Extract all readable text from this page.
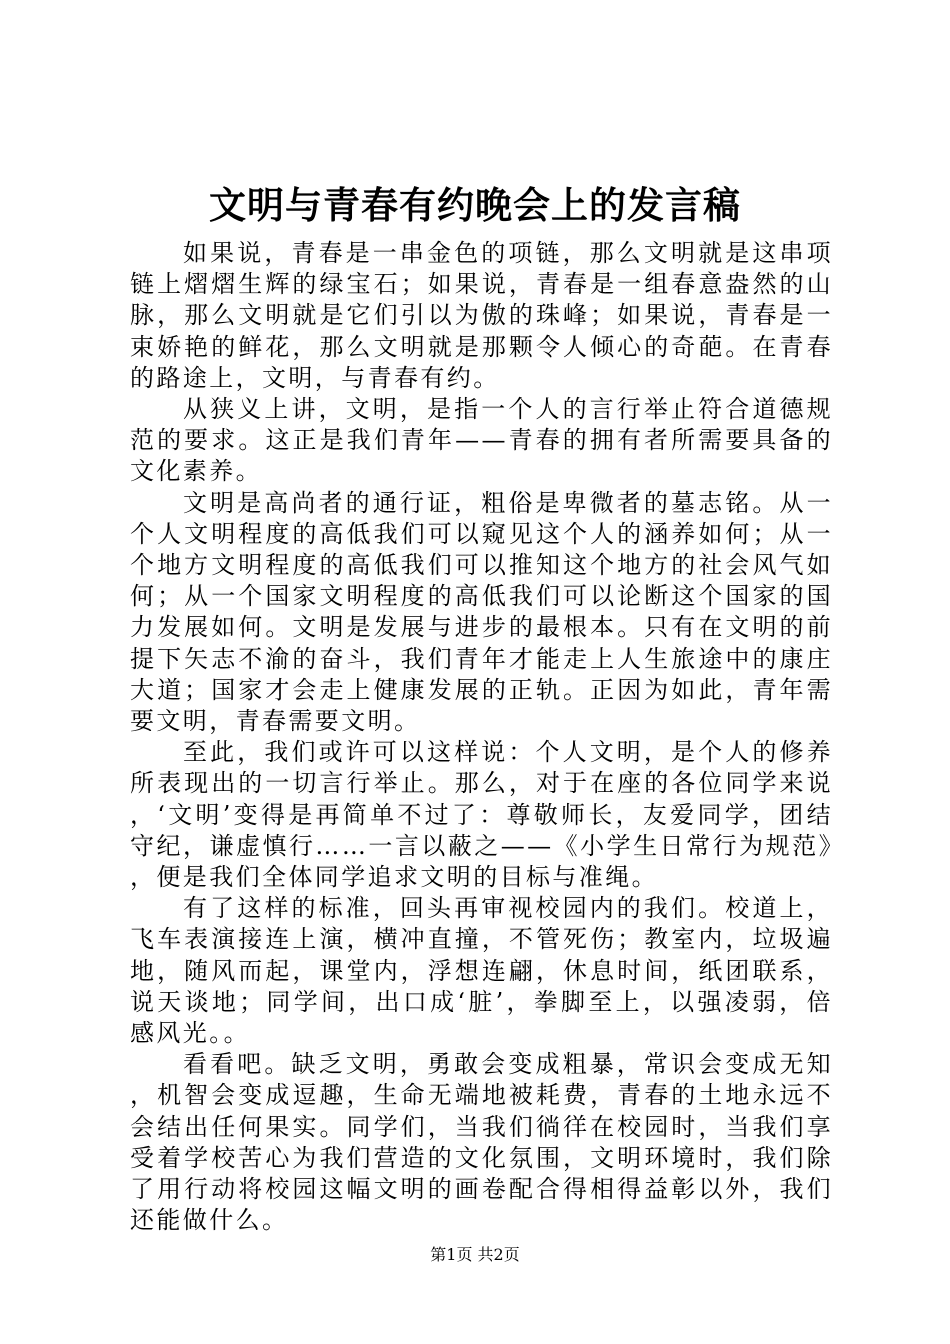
文明与青春有约晚会上的发言稿

如果说，青春是一串金色的项链，那么文明就是这串项链上熠熠生辉的绿宝石；如果说，青春是一组春意盎然的山脉，那么文明就是它们引以为傲的珠峰；如果说，青春是一束娇艳的鲜花，那么文明就是那颗令人倾心的奇葩。在青春的路途上，文明，与青春有约。

从狭义上讲，文明，是指一个人的言行举止符合道德规范的要求。这正是我们青年——青春的拥有者所需要具备的文化素养。

文明是高尚者的通行证，粗俗是卑微者的墓志铭。从一个人文明程度的高低我们可以窥见这个人的涵养如何；从一个地方文明程度的高低我们可以推知这个地方的社会风气如何；从一个国家文明程度的高低我们可以论断这个国家的国力发展如何。文明是发展与进步的最根本。只有在文明的前提下矢志不渝的奋斗，我们青年才能走上人生旅途中的康庄大道；国家才会走上健康发展的正轨。正因为如此，青年需要文明，青春需要文明。

至此，我们或许可以这样说：个人文明，是个人的修养所表现出的一切言行举止。那么，对于在座的各位同学来说，‘文明’变得是再简单不过了：尊敬师长，友爱同学，团结守纪，谦虚慎行……一言以蔽之——《小学生日常行为规范》，便是我们全体同学追求文明的目标与准绳。

有了这样的标准，回头再审视校园内的我们。校道上，飞车表演接连上演，横冲直撞，不管死伤；教室内，垃圾遍地，随风而起，课堂内，浮想连翩，休息时间，纸团联系，说天谈地；同学间，出口成‘脏’，拳脚至上，以强凌弱，倍感风光。。

看看吧。缺乏文明，勇敢会变成粗暴，常识会变成无知，机智会变成逗趣，生命无端地被耗费，青春的土地永远不会结出任何果实。同学们，当我们徜徉在校园时，当我们享受着学校苦心为我们营造的文化氛围，文明环境时，我们除了用行动将校园这幅文明的画卷配合得相得益彰以外，我们还能做什么。

第1页 共2页
